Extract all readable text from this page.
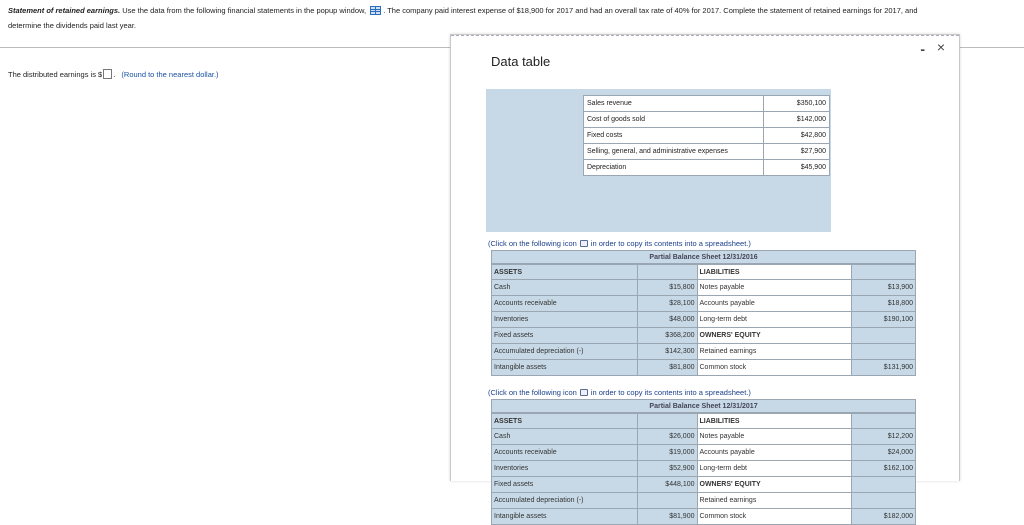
Statement of retained earnings. Use the data from the following financial statements in the popup window, . The company paid interest expense of $18,900 for 2017 and had an overall tax rate of 40% for 2017. Complete the statement of retained earnings for 2017, and
determine the dividends paid last year.
The distributed earnings is $ . (Round to the nearest dollar.)
Data table
- ×
Sales revenue	$350,100
Cost of goods sold	$142,000
Fixed costs	$42,800
Selling, general, and administrative expenses	$27,900
Depreciation	$45,900
(Click on the following icon in order to copy its contents into a spreadsheet.)
Partial Balance Sheet 12/31/2016
ASSETS		LIABILITIES	
Cash	$15,800	Notes payable	$13,900
Accounts receivable	$28,100	Accounts payable	$18,800
Inventories	$48,000	Long-term debt	$190,100
Fixed assets	$368,200	OWNERS' EQUITY	
Accumulated depreciation (-)	$142,300	Retained earnings	
Intangible assets	$81,800	Common stock	$131,900
(Click on the following icon in order to copy its contents into a spreadsheet.)
Partial Balance Sheet 12/31/2017
ASSETS		LIABILITIES	
Cash	$26,000	Notes payable	$12,200
Accounts receivable	$19,000	Accounts payable	$24,000
Inventories	$52,900	Long-term debt	$162,100
Fixed assets	$448,100	OWNERS' EQUITY	
Accumulated depreciation (-)		Retained earnings	
Intangible assets	$81,900	Common stock	$182,000
